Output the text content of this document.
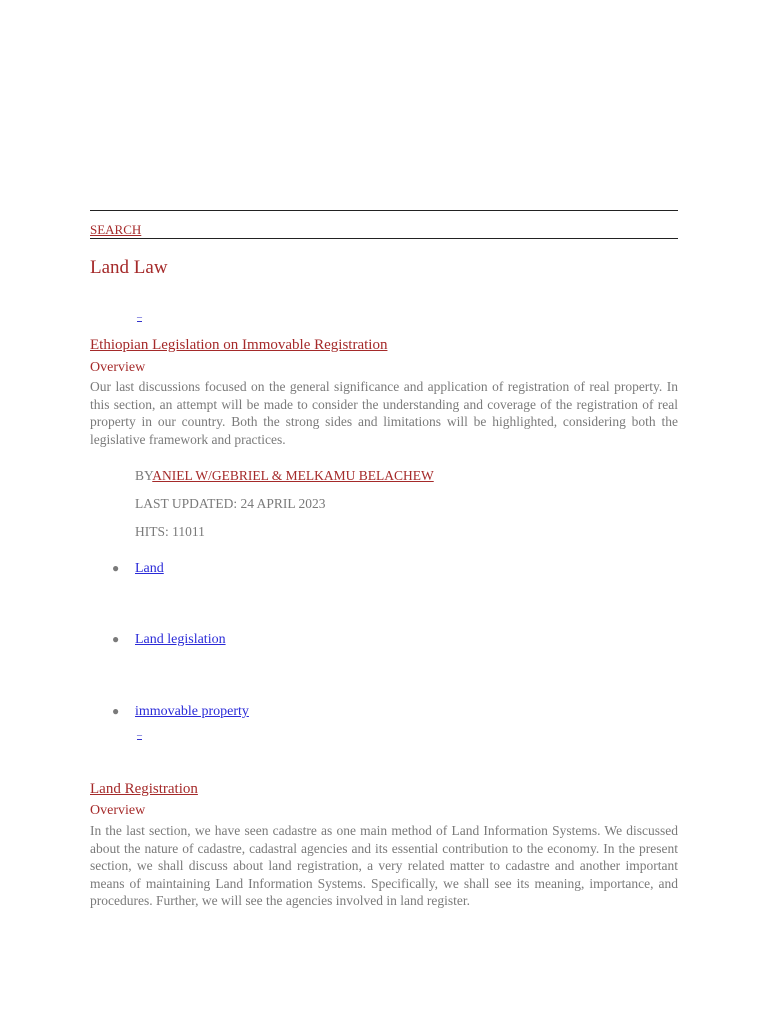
SEARCH
Land Law
–
Ethiopian Legislation on Immovable Registration
Overview

Our last discussions focused on the general significance and application of registration of real property. In this section, an attempt will be made to consider the understanding and coverage of the registration of real property in our country. Both the strong sides and limitations will be highlighted, considering both the legislative framework and practices.

BYANIEL W/GEBRIEL & MELKAMU BELACHEW
LAST UPDATED: 24 APRIL 2023
HITS: 11011
● Land
● Land legislation
● immovable property
–
Land Registration
Overview

In the last section, we have seen cadastre as one main method of Land Information Systems. We discussed about the nature of cadastre, cadastral agencies and its essential contribution to the economy. In the present section, we shall discuss about land registration, a very related matter to cadastre and another important means of maintaining Land Information Systems. Specifically, we shall see its meaning, importance, and procedures. Further, we will see the agencies involved in land register.
